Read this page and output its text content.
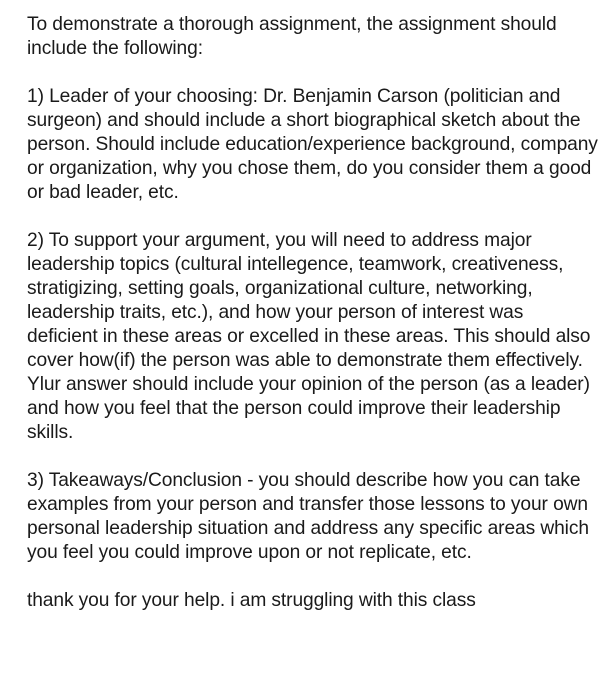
To demonstrate a thorough assignment, the assignment should include the following:

1) Leader of your choosing: Dr. Benjamin Carson (politician and surgeon) and should include a short biographical sketch about the person. Should include education/experience background, company or organization, why you chose them, do you consider them a good or bad leader, etc.

2) To support your argument, you will need to address major leadership topics (cultural intellegence, teamwork, creativeness, stratigizing, setting goals, organizational culture, networking, leadership traits, etc.), and how your person of interest was deficient in these areas or excelled in these areas. This should also cover how(if) the person was able to demonstrate them effectively. Ylur answer should include your opinion of the person (as a leader) and how you feel that the person could improve their leadership skills.

3) Takeaways/Conclusion - you should describe how you can take examples from your person and transfer those lessons to your own personal leadership situation and address any specific areas which you feel you could improve upon or not replicate, etc.

thank you for your help. i am struggling with this class
